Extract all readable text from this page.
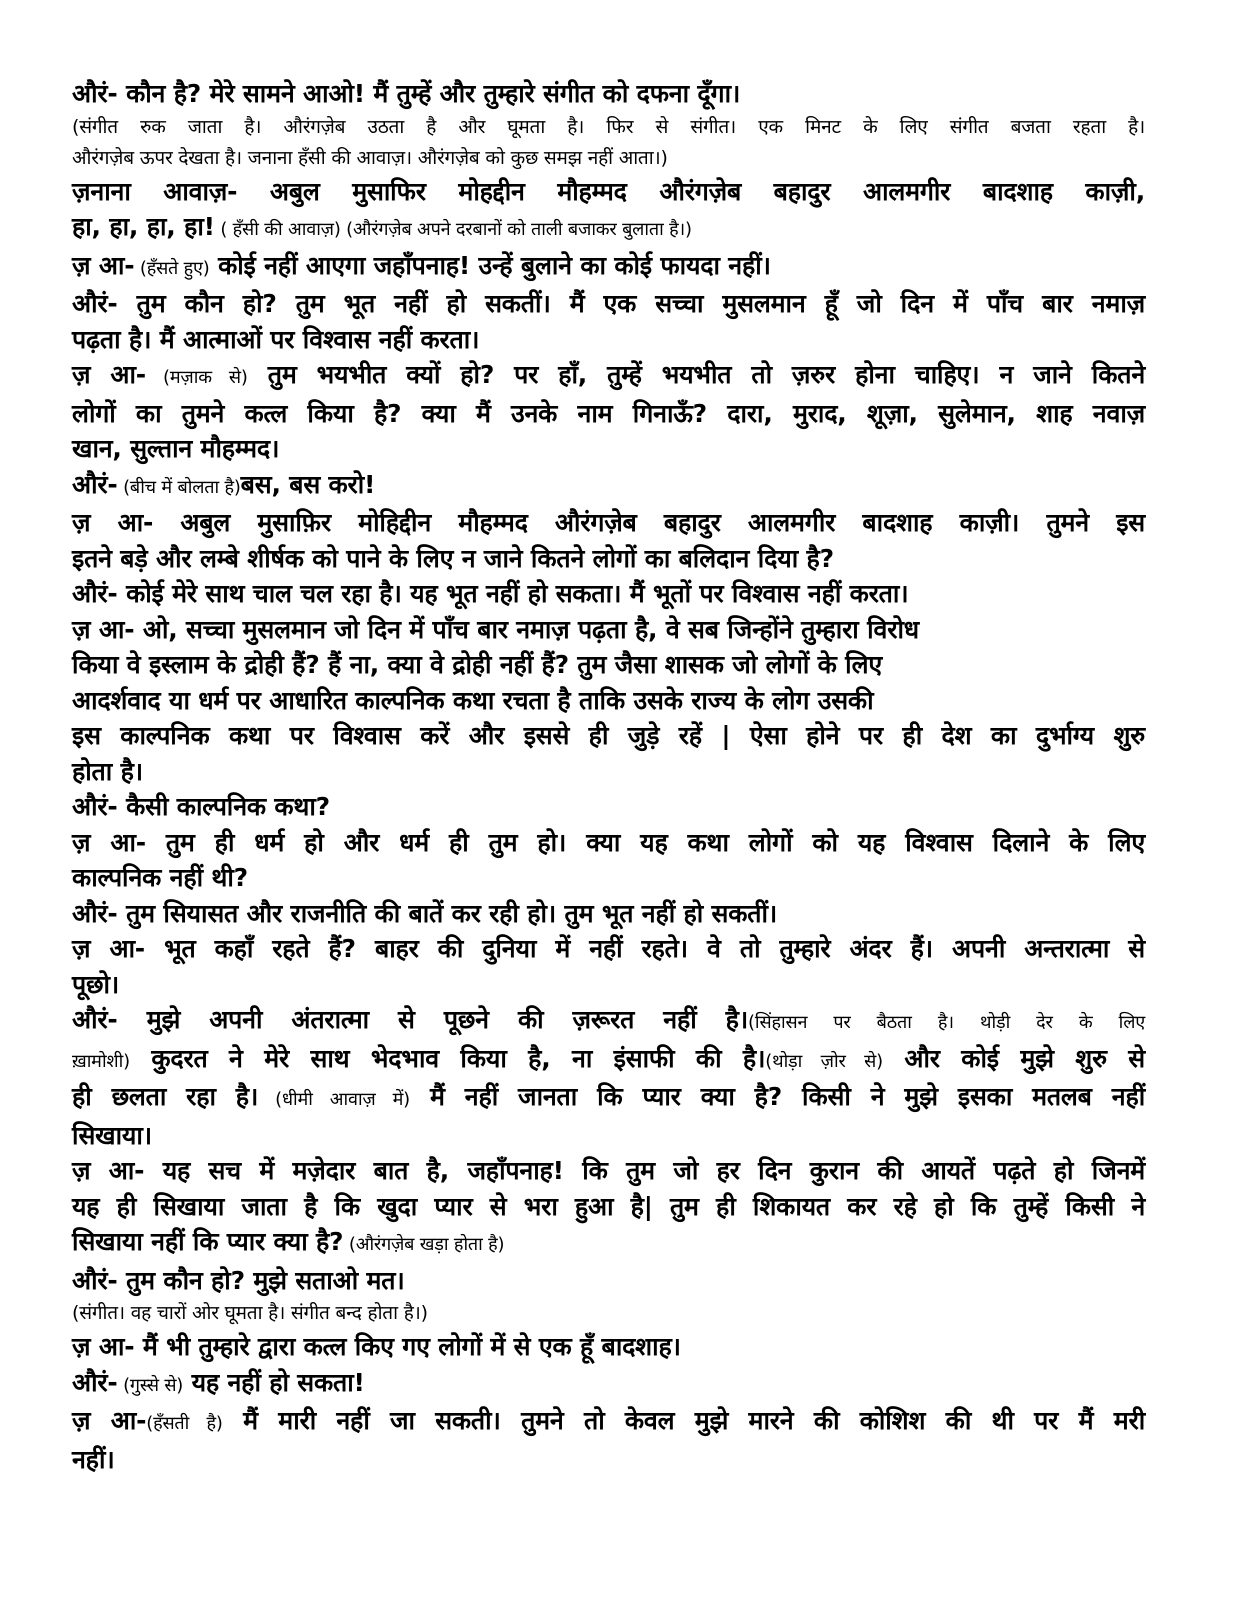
औरं- कौन है? मेरे सामने आओ! मैं तुम्हें और तुम्हारे संगीत को दफना दूँगा।
(संगीत रुक जाता है। औरंगज़ेब उठता है और घूमता है। फिर से संगीत। एक मिनट के लिए संगीत बजता रहता है।
औरंगज़ेब ऊपर देखता है। जनाना हँसी की आवाज़। औरंगज़ेब को कुछ समझ नहीं आता।)
ज़नाना आवाज़- अबुल मुसाफिर मोहद्दीन मौहम्मद औरंगज़ेब बहादुर आलमगीर बादशाह काज़ी,
हा, हा, हा, हा! ( हँसी की आवाज़) (औरंगज़ेब अपने दरबानों को ताली बजाकर बुलाता है।)
ज़ आ- (हँसते हुए) कोई नहीं आएगा जहाँपनाह! उन्हें बुलाने का कोई फायदा नहीं।
औरं- तुम कौन हो? तुम भूत नहीं हो सकतीं। मैं एक सच्चा मुसलमान हूँ जो दिन में पाँच बार नमाज़
पढ़ता है। मैं आत्माओं पर विश्वास नहीं करता।
ज़ आ- (मज़ाक से) तुम भयभीत क्यों हो? पर हाँ, तुम्हें भयभीत तो ज़रुर होना चाहिए। न जाने कितने
लोगों का तुमने कत्ल किया है? क्या मैं उनके नाम गिनाऊँ? दारा, मुराद, शूज़ा, सुलेमान, शाह नवाज़
खान, सुल्तान मौहम्मद।
औरं- (बीच में बोलता है)बस, बस करो!
ज़ आ- अबुल मुसाफ़िर मोहिद्दीन मौहम्मद औरंगज़ेब बहादुर आलमगीर बादशाह काज़ी। तुमने इस
इतने बड़े और लम्बे शीर्षक को पाने के लिए न जाने कितने लोगों का बलिदान दिया है?
औरं- कोई मेरे साथ चाल चल रहा है। यह भूत नहीं हो सकता। मैं भूतों पर विश्वास नहीं करता।
ज़ आ- ओ, सच्चा मुसलमान जो दिन में पाँच बार नमाज़ पढ़ता है, वे सब जिन्होंने तुम्हारा विरोध
किया वे इस्लाम के द्रोही हैं? हैं ना, क्या वे द्रोही नहीं हैं? तुम जैसा शासक जो लोगों के लिए
आदर्शवाद या धर्म पर आधारित काल्पनिक कथा रचता है ताकि उसके राज्य के लोग उसकी
इस काल्पनिक कथा पर विश्वास करें और इससे ही जुड़े रहें | ऐसा होने पर ही देश का दुर्भाग्य शुरु
होता है।
औरं- कैसी काल्पनिक कथा?
ज़ आ- तुम ही धर्म हो और धर्म ही तुम हो। क्या यह कथा लोगों को यह विश्वास दिलाने के लिए
काल्पनिक नहीं थी?
औरं- तुम सियासत और राजनीति की बातें कर रही हो। तुम भूत नहीं हो सकतीं।
ज़ आ- भूत कहाँ रहते हैं? बाहर की दुनिया में नहीं रहते। वे तो तुम्हारे अंदर हैं। अपनी अन्तरात्मा से
पूछो।
औरं- मुझे अपनी अंतरात्मा से पूछने की ज़रूरत नहीं है।(सिंहासन पर बैठता है। थोड़ी देर के लिए
ख़ामोशी) कुदरत ने मेरे साथ भेदभाव किया है, ना इंसाफी की है।(थोड़ा ज़ोर से) और कोई मुझे शुरु से
ही छलता रहा है। (धीमी आवाज़ में) मैं नहीं जानता कि प्यार क्या है? किसी ने मुझे इसका मतलब नहीं
सिखाया।
ज़ आ- यह सच में मज़ेदार बात है, जहाँपनाह! कि तुम जो हर दिन कुरान की आयतें पढ़ते हो जिनमें
यह ही सिखाया जाता है कि खुदा प्यार से भरा हुआ है| तुम ही शिकायत कर रहे हो कि तुम्हें किसी ने
सिखाया नहीं कि प्यार क्या है? (औरंगज़ेब खड़ा होता है)
औरं- तुम कौन हो? मुझे सताओ मत।
(संगीत। वह चारों ओर घूमता है। संगीत बन्द होता है।)
ज़ आ- मैं भी तुम्हारे द्वारा कत्ल किए गए लोगों में से एक हूँ बादशाह।
औरं- (गुस्से से) यह नहीं हो सकता!
ज़ आ-(हँसती है) मैं मारी नहीं जा सकती। तुमने तो केवल मुझे मारने की कोशिश की थी पर मैं मरी
नहीं।
